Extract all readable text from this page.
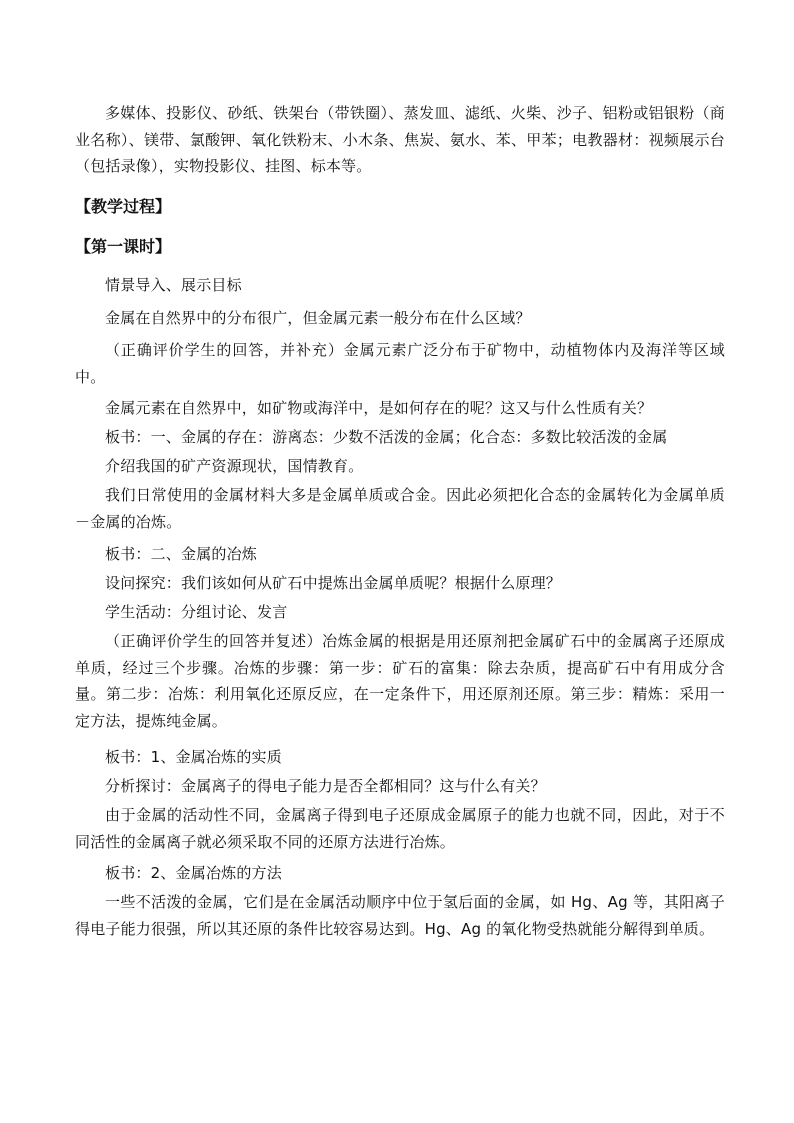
多媒体、投影仪、砂纸、铁架台（带铁圈）、蒸发皿、滤纸、火柴、沙子、铝粉或铝银粉（商业名称）、镁带、氯酸钾、氧化铁粉末、小木条、焦炭、氨水、苯、甲苯；电教器材：视频展示台（包括录像），实物投影仪、挂图、标本等。

【教学过程】
【第一课时】

情景导入、展示目标

金属在自然界中的分布很广，但金属元素一般分布在什么区域？

（正确评价学生的回答，并补充）金属元素广泛分布于矿物中，动植物体内及海洋等区域中。

金属元素在自然界中，如矿物或海洋中，是如何存在的呢？这又与什么性质有关？

板书：一、金属的存在：游离态：少数不活泼的金属；化合态：多数比较活泼的金属

介绍我国的矿产资源现状，国情教育。

我们日常使用的金属材料大多是金属单质或合金。因此必须把化合态的金属转化为金属单质－金属的冶炼。

板书：二、金属的冶炼

设问探究：我们该如何从矿石中提炼出金属单质呢？根据什么原理？

学生活动：分组讨论、发言

（正确评价学生的回答并复述）冶炼金属的根据是用还原剂把金属矿石中的金属离子还原成单质，经过三个步骤。冶炼的步骤：第一步：矿石的富集：除去杂质，提高矿石中有用成分含量。第二步：冶炼：利用氧化还原反应，在一定条件下，用还原剂还原。第三步：精炼：采用一定方法，提炼纯金属。

板书：1、金属冶炼的实质

分析探讨：金属离子的得电子能力是否全都相同？这与什么有关？

由于金属的活动性不同，金属离子得到电子还原成金属原子的能力也就不同，因此，对于不同活性的金属离子就必须采取不同的还原方法进行冶炼。

板书：2、金属冶炼的方法

一些不活泼的金属，它们是在金属活动顺序中位于氢后面的金属，如 Hg、Ag 等，其阳离子得电子能力很强，所以其还原的条件比较容易达到。Hg、Ag 的氧化物受热就能分解得到单质。
